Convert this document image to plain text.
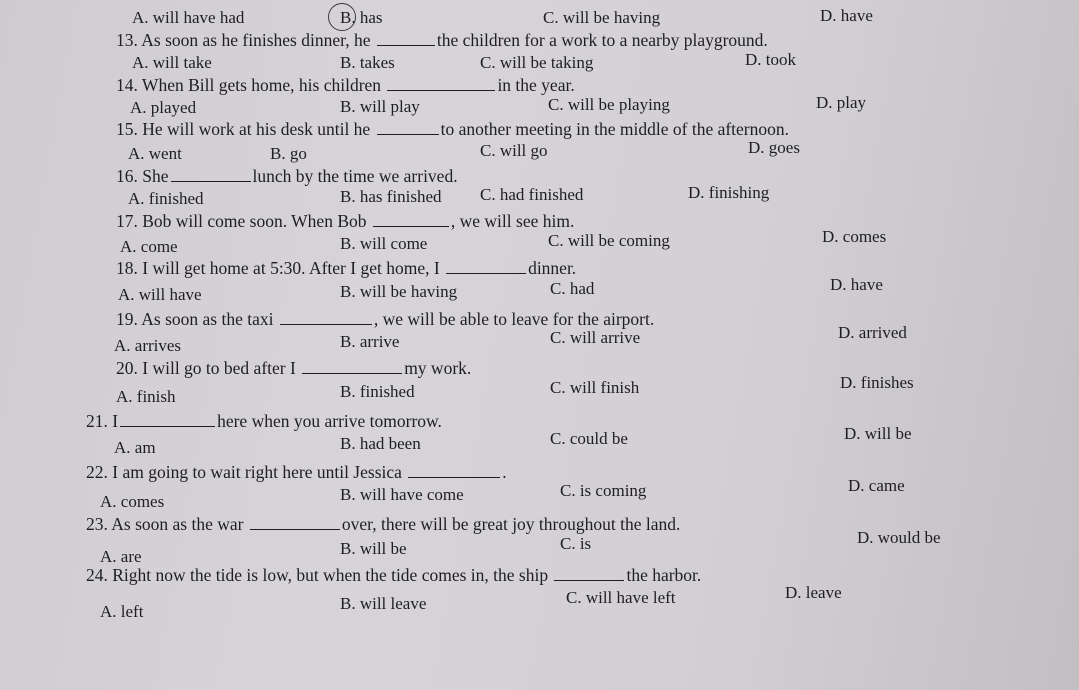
A. will have had	B. has	C. will be having	D. have
13. As soon as he finishes dinner, he	the children for a work to a nearby playground.
A. will take	B. takes	C. will be taking	D. took
14. When Bill gets home, his children	in the year.
A. played	B. will play	C. will be playing	D. play
15. He will work at his desk until he	to another meeting in the middle of the afternoon.
A. went	B. go	C. will go	D. goes
16. She	lunch by the time we arrived.
A. finished	B. has finished C. had finished	D. finishing
17. Bob will come soon. When Bob	, we will see him.
A. come	B. will come	C. will be coming	D. comes
18. I will get home at 5:30. After I get home, I	dinner.
A. will have	B. will be having	C. had	D. have
19. As soon as the taxi	, we will be able to leave for the airport.
A. arrives	B. arrive	C. will arrive	D. arrived
20. I will go to bed after I	my work.
A. finish	B. finished	C. will finish	D. finishes
21. I	here when you arrive tomorrow.
A. am	B. had been	C. could be	D. will be
22. I am going to wait right here until Jessica	.
A. comes	B. will have come	C. is coming	D. came
23. As soon as the war	over, there will be great joy throughout the land.
A. are	B. will be	C. is	D. would be
24. Right now the tide is low, but when the tide comes in, the ship	the harbor.
A. left	B. will leave	C. will have left	D. leave
